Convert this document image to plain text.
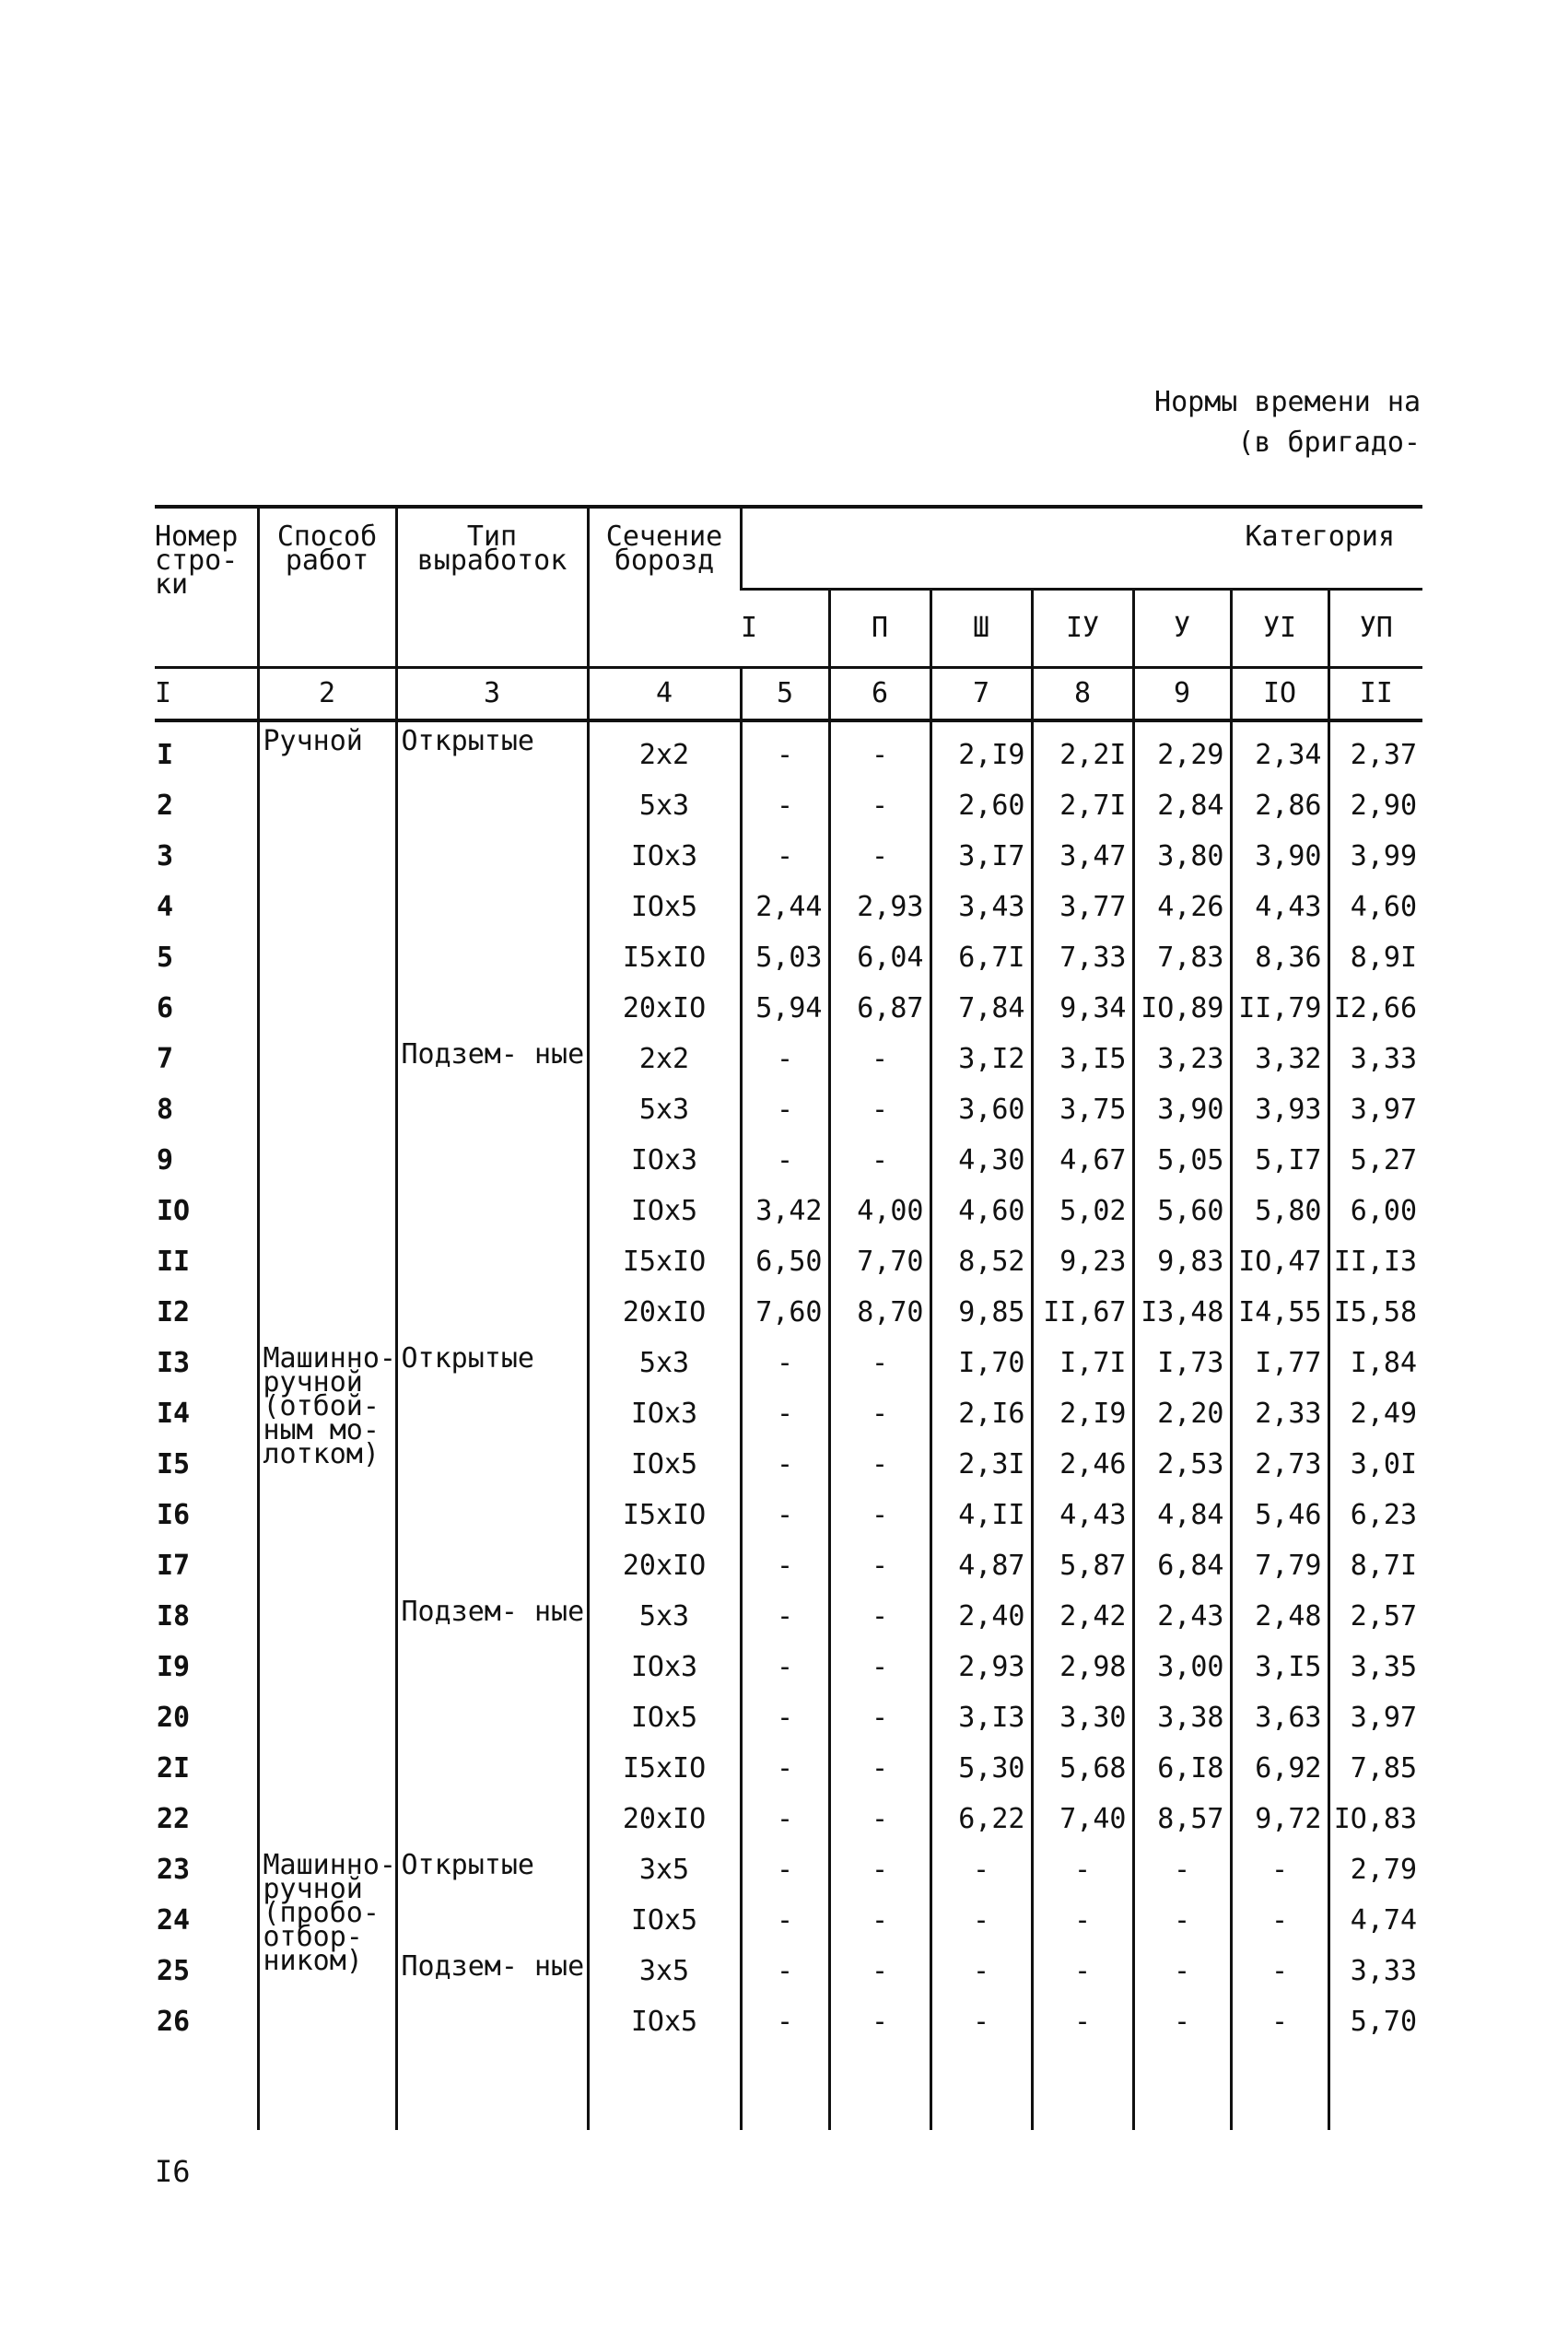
Нормы времени на
(в бригадо-
Номер стро- ки	Способ работ	Тип выработок	Сечение борозд	Категория						
				I	П	Ш	IУ	У	УI	УП
I	2	3	4	5	6	7	8	9	IO	II
I	Ручной	Открытые	2x2	-	-	2,I9	2,2I	2,29	2,34	2,37
2			5x3	-	-	2,60	2,7I	2,84	2,86	2,90
3			IOx3	-	-	3,I7	3,47	3,80	3,90	3,99
4			IOx5	2,44	2,93	3,43	3,77	4,26	4,43	4,60
5			I5xIO	5,03	6,04	6,7I	7,33	7,83	8,36	8,9I
6			20xIO	5,94	6,87	7,84	9,34	IO,89	II,79	I2,66
7		Подзем- ные	2x2	-	-	3,I2	3,I5	3,23	3,32	3,33
8			5x3	-	-	3,60	3,75	3,90	3,93	3,97
9			IOx3	-	-	4,30	4,67	5,05	5,I7	5,27
IO			IOx5	3,42	4,00	4,60	5,02	5,60	5,80	6,00
II			I5xIO	6,50	7,70	8,52	9,23	9,83	IO,47	II,I3
I2			20xIO	7,60	8,70	9,85	II,67	I3,48	I4,55	I5,58
I3	Машинно- ручной (отбой- ным мо- лотком)	Открытые	5x3	-	-	I,70	I,7I	I,73	I,77	I,84
I4			IOx3	-	-	2,I6	2,I9	2,20	2,33	2,49
I5			IOx5	-	-	2,3I	2,46	2,53	2,73	3,0I
I6			I5xIO	-	-	4,II	4,43	4,84	5,46	6,23
I7			20xIO	-	-	4,87	5,87	6,84	7,79	8,7I
I8		Подзем- ные	5x3	-	-	2,40	2,42	2,43	2,48	2,57
I9			IOx3	-	-	2,93	2,98	3,00	3,I5	3,35
20			IOx5	-	-	3,I3	3,30	3,38	3,63	3,97
2I			I5xIO	-	-	5,30	5,68	6,I8	6,92	7,85
22			20xIO	-	-	6,22	7,40	8,57	9,72	IO,83
23	Машинно- ручной (пробо- отбор- ником)	Открытые	3x5	-	-	-	-	-	-	2,79
24			IOx5	-	-	-	-	-	-	4,74
25		Подзем- ные	3x5	-	-	-	-	-	-	3,33
26			IOx5	-	-	-	-	-	-	5,70

I6
